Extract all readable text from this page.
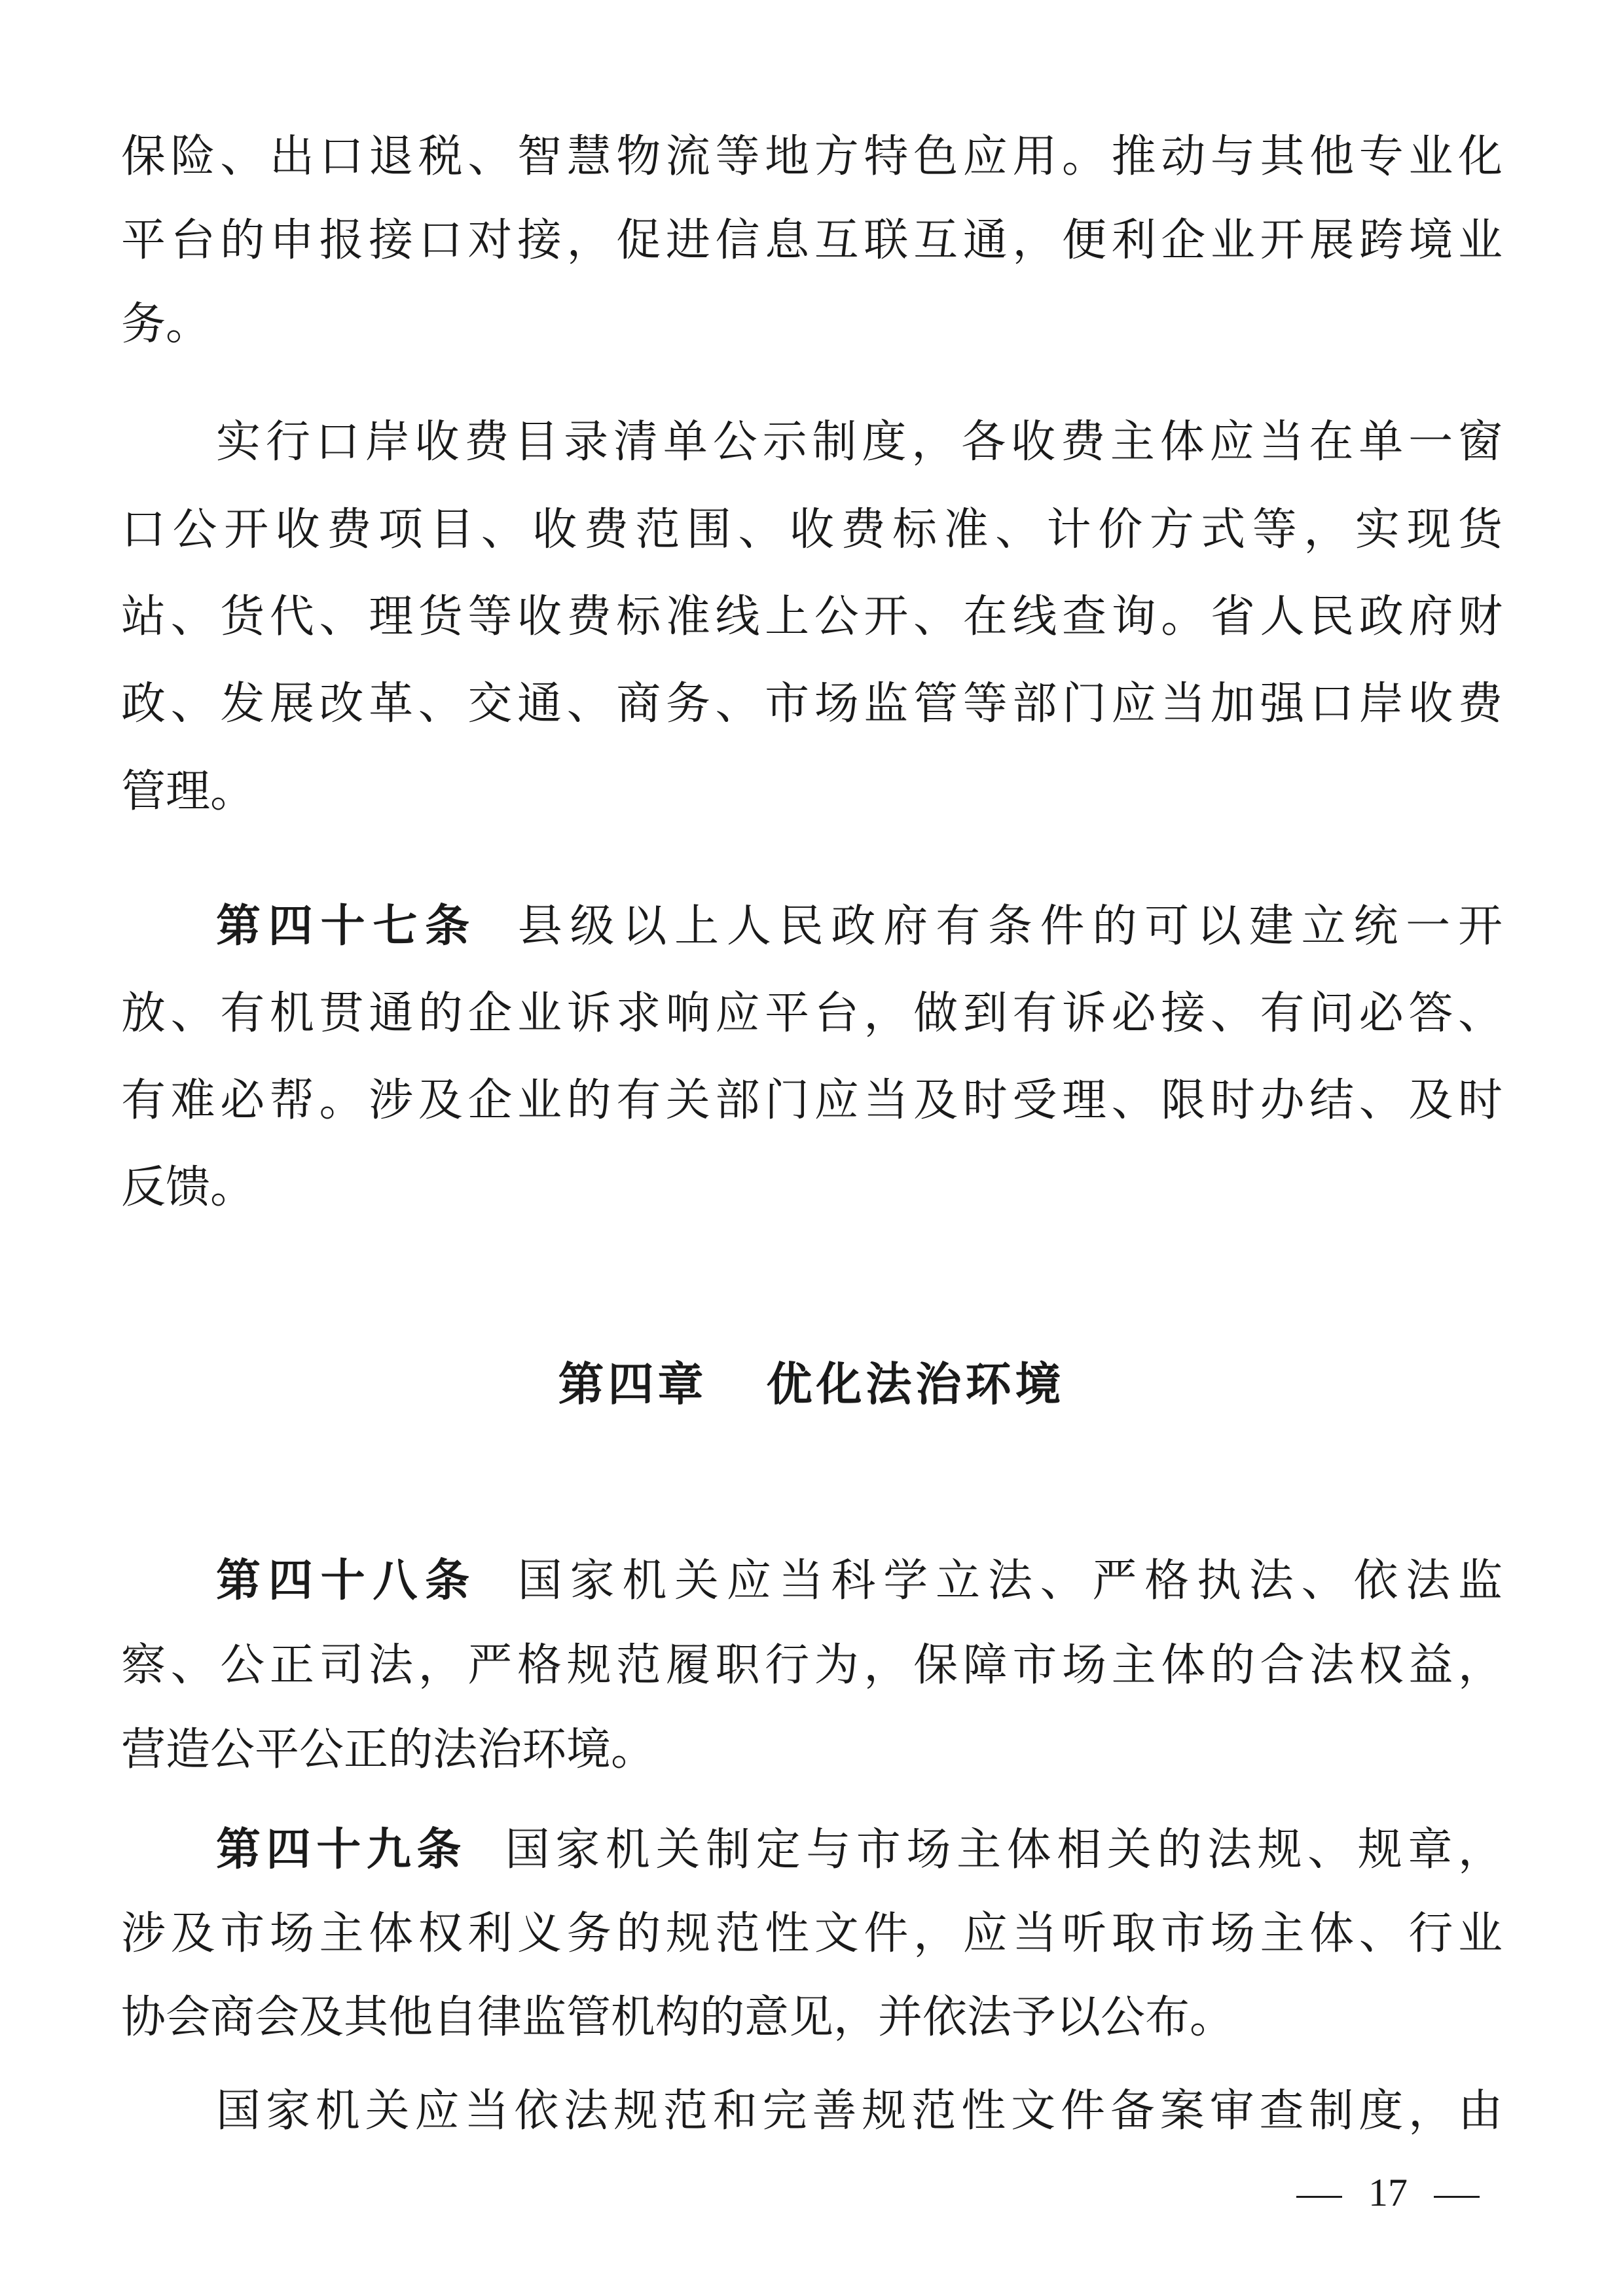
保险、出口退税、智慧物流等地方特色应用。推动与其他专业化
平台的申报接口对接，促进信息互联互通，便利企业开展跨境业
务。
实行口岸收费目录清单公示制度，各收费主体应当在单一窗
口公开收费项目、收费范围、收费标准、计价方式等，实现货
站、货代、理货等收费标准线上公开、在线查询。省人民政府财
政、发展改革、交通、商务、市场监管等部门应当加强口岸收费
管理。
第四十七条 县级以上人民政府有条件的可以建立统一开
放、有机贯通的企业诉求响应平台，做到有诉必接、有问必答、
有难必帮。涉及企业的有关部门应当及时受理、限时办结、及时
反馈。
第四章 优化法治环境
第四十八条 国家机关应当科学立法、严格执法、依法监
察、公正司法，严格规范履职行为，保障市场主体的合法权益，
营造公平公正的法治环境。
第四十九条 国家机关制定与市场主体相关的法规、规章，
涉及市场主体权利义务的规范性文件，应当听取市场主体、行业
协会商会及其他自律监管机构的意见，并依法予以公布。
国家机关应当依法规范和完善规范性文件备案审查制度，由
17
